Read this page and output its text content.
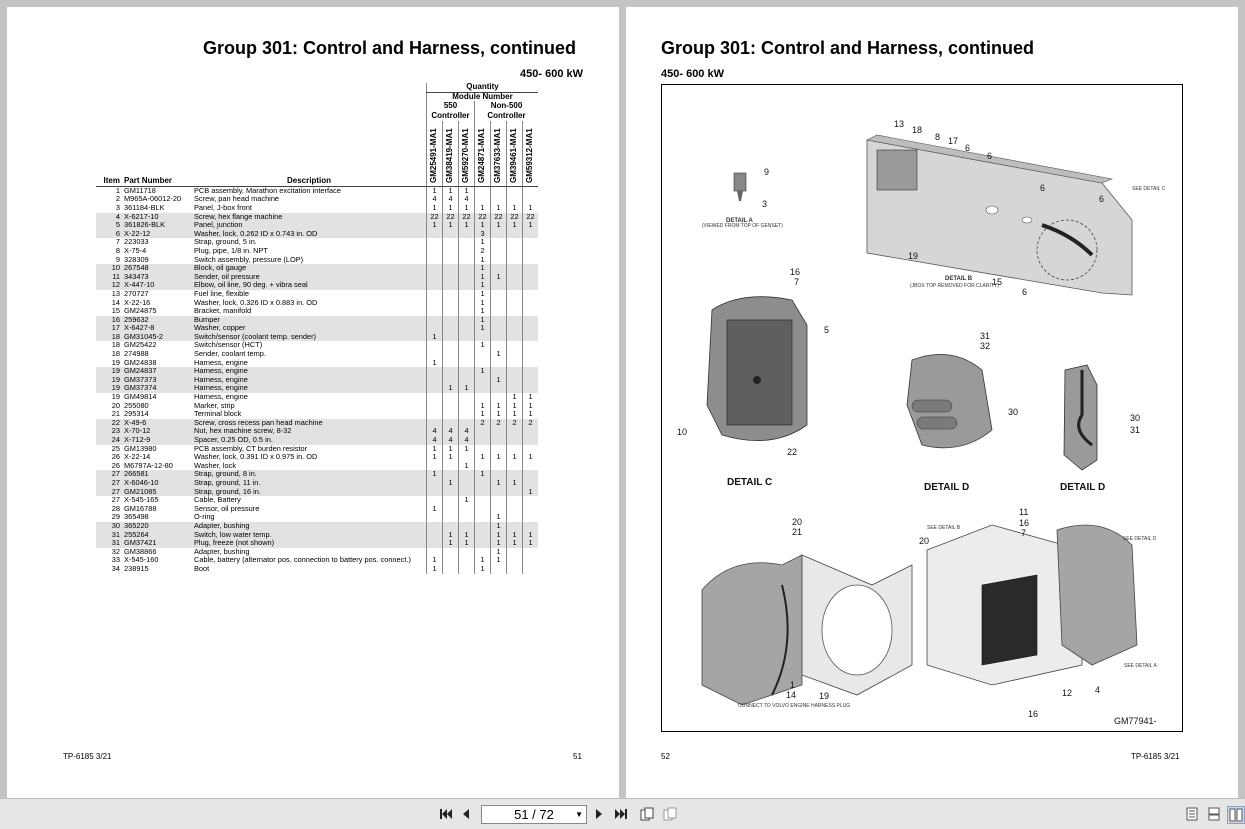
Group 301: Control and Harness, continued
450- 600 kW
			Quantity						
			Module Number						
			550
Controller			Non-500
Controller			
Item	Part Number	Description	GM25491-MA1	GM38419-MA1	GM59270-MA1	GM24871-MA1	GM37633-MA1	GM39461-MA1	GM59312-MA1
1	GM11718	PCB assembly, Marathon excitation interface	1	1	1				
2	M965A-06012-20	Screw, pan head machine	4	4	4				
3	361184-BLK	Panel, J-box front	1	1	1	1	1	1	1
4	X-6217-10	Screw, hex flange machine	22	22	22	22	22	22	22
5	361826-BLK	Panel, junction	1	1	1	1	1	1	1
6	X-22-12	Washer, lock, 0.262 ID x 0.743 in. OD				3			
7	223033	Strap, ground, 5 in.				1			
8	X-75-4	Plug, pipe, 1/8 in. NPT				2			
9	328309	Switch assembly, pressure (LOP)				1			
10	267548	Block, oil gauge				1			
11	343473	Sender, oil pressure				1	1		
12	X-447-10	Elbow, oil line, 90 deg. + vibra seal				1			
13	270727	Fuel line, flexible				1			
14	X-22-16	Washer, lock, 0.326 ID x 0.883 in. OD				1			
15	GM24875	Bracket, manifold				1			
16	259632	Bumper				1			
17	X-6427-8	Washer, copper				1			
18	GM31045-2	Switch/sensor (coolant temp. sender)	1						
18	GM25422	Switch/sensor (HCT)				1			
18	274988	Sender, coolant temp.					1		
19	GM24838	Harness, engine	1						
19	GM24837	Harness, engine				1			
19	GM37373	Harness, engine					1		
19	GM37374	Harness, engine		1	1				
19	GM49814	Harness, engine						1	1
20	255080	Marker, strip				1	1	1	1
21	295314	Terminal block				1	1	1	1
22	X-49-6	Screw, cross recess pan head machine				2	2	2	2
23	X-70-12	Nut, hex machine screw, 8-32	4	4	4				
24	X-712-9	Spacer, 0.25 OD, 0.5 in.	4	4	4				
25	GM13980	PCB assembly, CT burden resistor	1	1	1				
26	X-22-14	Washer, lock, 0.391 ID x 0.975 in. OD	1	1		1	1	1	1
26	M6797A-12-80	Washer, lock			1				
27	266581	Strap, ground, 8 in.	1			1			
27	X-6046-10	Strap, ground, 11 in.		1			1	1	
27	GM21085	Strap, ground, 16 in.							1
27	X-545-165	Cable, Battery			1				
28	GM16788	Sensor, oil pressure	1						
29	365498	O-ring					1		
30	365220	Adapter, bushing					1		
31	255264	Switch, low water temp.		1	1		1	1	1
31	GM37421	Plug, freeze (not shown)		1	1		1	1	1
32	GM38866	Adapter, bushing					1		
33	X-545-160	Cable, battery (alternator pos. connection to battery pos. connect.)	1			1	1		
34	238915	Boot	1			1			
TP-6185 3/21	51
Group 301: Control and Harness, continued
450- 600 kW
13
18
8 17
6
6
6
6
SEE DETAIL C
19
15
6
DETAIL B
(JBOX TOP REMOVED FOR CLARITY)
9
3
DETAIL A
(VIEWED FROM TOP OF GENSET)
16
7
5
10
22
DETAIL C
31
32
30
DETAIL D
30
31
DETAIL D
20
21
1
14	19
CONNECT TO VOLVO ENGINE HARNESS PLUG
20
SEE DETAIL B
11
16
7
12	4
16
SEE DETAIL D
SEE DETAIL A
GM77941-
52	TP-6185 3/21
51 / 72	▼
